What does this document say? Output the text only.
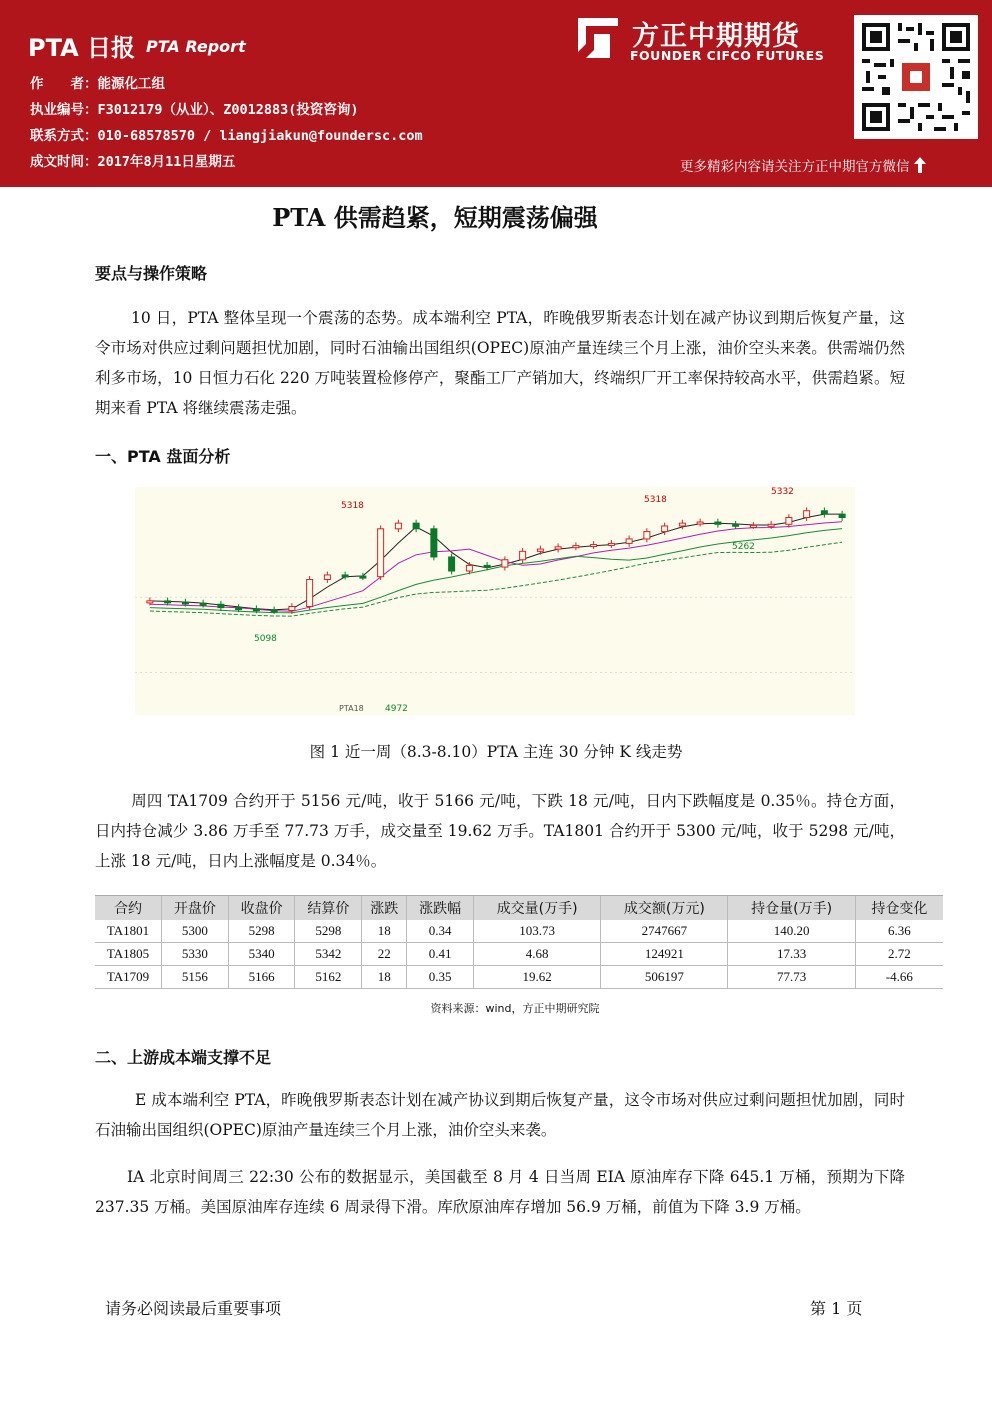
PTA 日报 PTA Report
作　　者：能源化工组
执业编号：F3012179（从业）、Z0012883(投资咨询)
联系方式：010-68578570 / liangjiakun@foundersc.com
成文时间：2017年8月11日星期五
方正中期期货
FOUNDER CIFCO FUTURES
更多精彩内容请关注方正中期官方微信
PTA 供需趋紧，短期震荡偏强
要点与操作策略
10 日，PTA 整体呈现一个震荡的态势。成本端利空 PTA，昨晚俄罗斯表态计划在减产协议到期后恢复产量，这令市场对供应过剩问题担忧加剧，同时石油输出国组织(OPEC)原油产量连续三个月上涨，油价空头来袭。供需端仍然利多市场，10 日恒力石化 220 万吨装置检修停产，聚酯工厂产销加大，终端织厂开工率保持较高水平，供需趋紧。短期来看 PTA 将继续震荡走强。
一、PTA 盘面分析
5318
5318
5332
5098
4972
5262
PTA18
图 1 近一周（8.3-8.10）PTA 主连 30 分钟 K 线走势
周四 TA1709 合约开于 5156 元/吨，收于 5166 元/吨，下跌 18 元/吨，日内下跌幅度是 0.35％。持仓方面，日内持仓减少 3.86 万手至 77.73 万手，成交量至 19.62 万手。TA1801 合约开于 5300 元/吨，收于 5298 元/吨，上涨 18 元/吨，日内上涨幅度是 0.34％。
合约	开盘价	收盘价	结算价	涨跌	涨跌幅	成交量(万手)	成交额(万元)	持仓量(万手)	持仓变化
TA1801	5300	5298	5298	18	0.34	103.73	2747667	140.20	6.36
TA1805	5330	5340	5342	22	0.41	4.68	124921	17.33	2.72
TA1709	5156	5166	5162	18	0.35	19.62	506197	77.73	-4.66
资料来源：wind，方正中期研究院
二、上游成本端支撑不足
E 成本端利空 PTA，昨晚俄罗斯表态计划在减产协议到期后恢复产量，这令市场对供应过剩问题担忧加剧，同时石油输出国组织(OPEC)原油产量连续三个月上涨，油价空头来袭。
IA 北京时间周三 22:30 公布的数据显示，美国截至 8 月 4 日当周 EIA 原油库存下降 645.1 万桶，预期为下降 237.35 万桶。美国原油库存连续 6 周录得下滑。库欣原油库存增加 56.9 万桶，前值为下降 3.9 万桶。
请务必阅读最后重要事项	第 1 页
